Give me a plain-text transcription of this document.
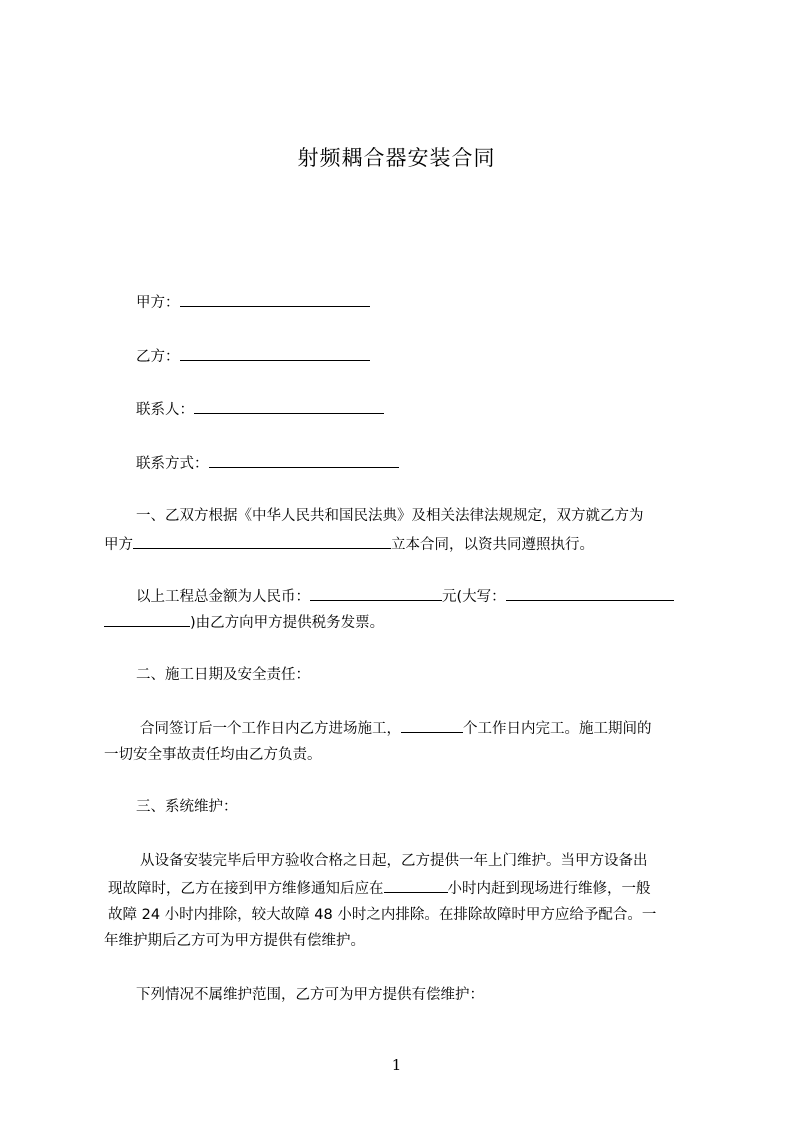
射频耦合器安装合同
甲方：
乙方：
联系人：
联系方式：
一、乙双方根据《中华人民共和国民法典》及相关法律法规规定，双方就乙方为
甲方	立本合同，以资共同遵照执行。
以上工程总金额为人民币：	元(大写：
)由乙方向甲方提供税务发票。
二、施工日期及安全责任：
合同签订后一个工作日内乙方进场施工，	个工作日内完工。施工期间的
一切安全事故责任均由乙方负责。
三、系统维护：
从设备安装完毕后甲方验收合格之日起，乙方提供一年上门维护。当甲方设备出
现故障时，乙方在接到甲方维修通知后应在	小时内赶到现场进行维修，一般
故障 24 小时内排除，较大故障 48 小时之内排除。在排除故障时甲方应给予配合。一
年维护期后乙方可为甲方提供有偿维护。
下列情况不属维护范围，乙方可为甲方提供有偿维护：
1
